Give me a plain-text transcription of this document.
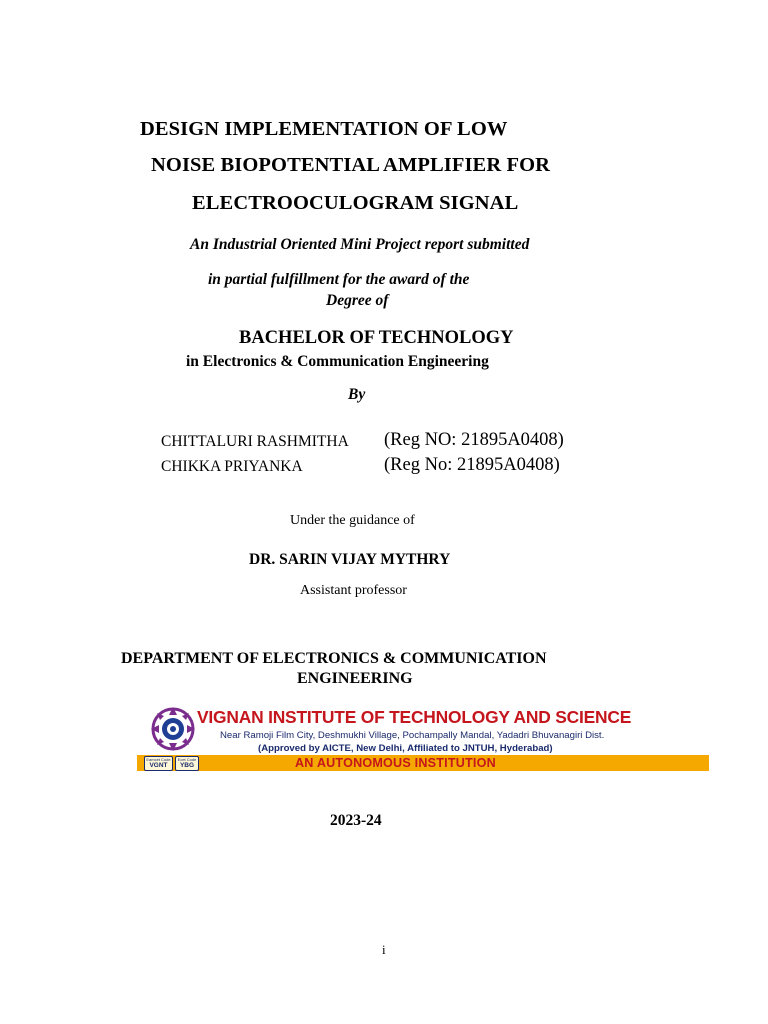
DESIGN IMPLEMENTATION OF LOW
NOISE BIOPOTENTIAL AMPLIFIER FOR
ELECTROOCULOGRAM SIGNAL
An Industrial Oriented Mini Project report submitted
in partial fulfillment for the award of the
Degree of
BACHELOR OF TECHNOLOGY
in Electronics & Communication Engineering
By
CHITTALURI RASHMITHA (Reg NO: 21895A0408)
CHIKKA PRIYANKA	(Reg No: 21895A0408)
Under the guidance of
DR. SARIN VIJAY MYTHRY
Assistant professor
DEPARTMENT OF ELECTRONICS & COMMUNICATION
ENGINEERING
VIGNAN INSTITUTE OF TECHNOLOGY AND SCIENCE
Near Ramoji Film City, Deshmukhi Village, Pochampally Mandal, Yadadri Bhuvanagiri Dist.
(Approved by AICTE, New Delhi, Affiliated to JNTUH, Hyderabad)
Eamcet Code
VGNT
Ecet Code
YBG	AN AUTONOMOUS INSTITUTION
2023-24
i
